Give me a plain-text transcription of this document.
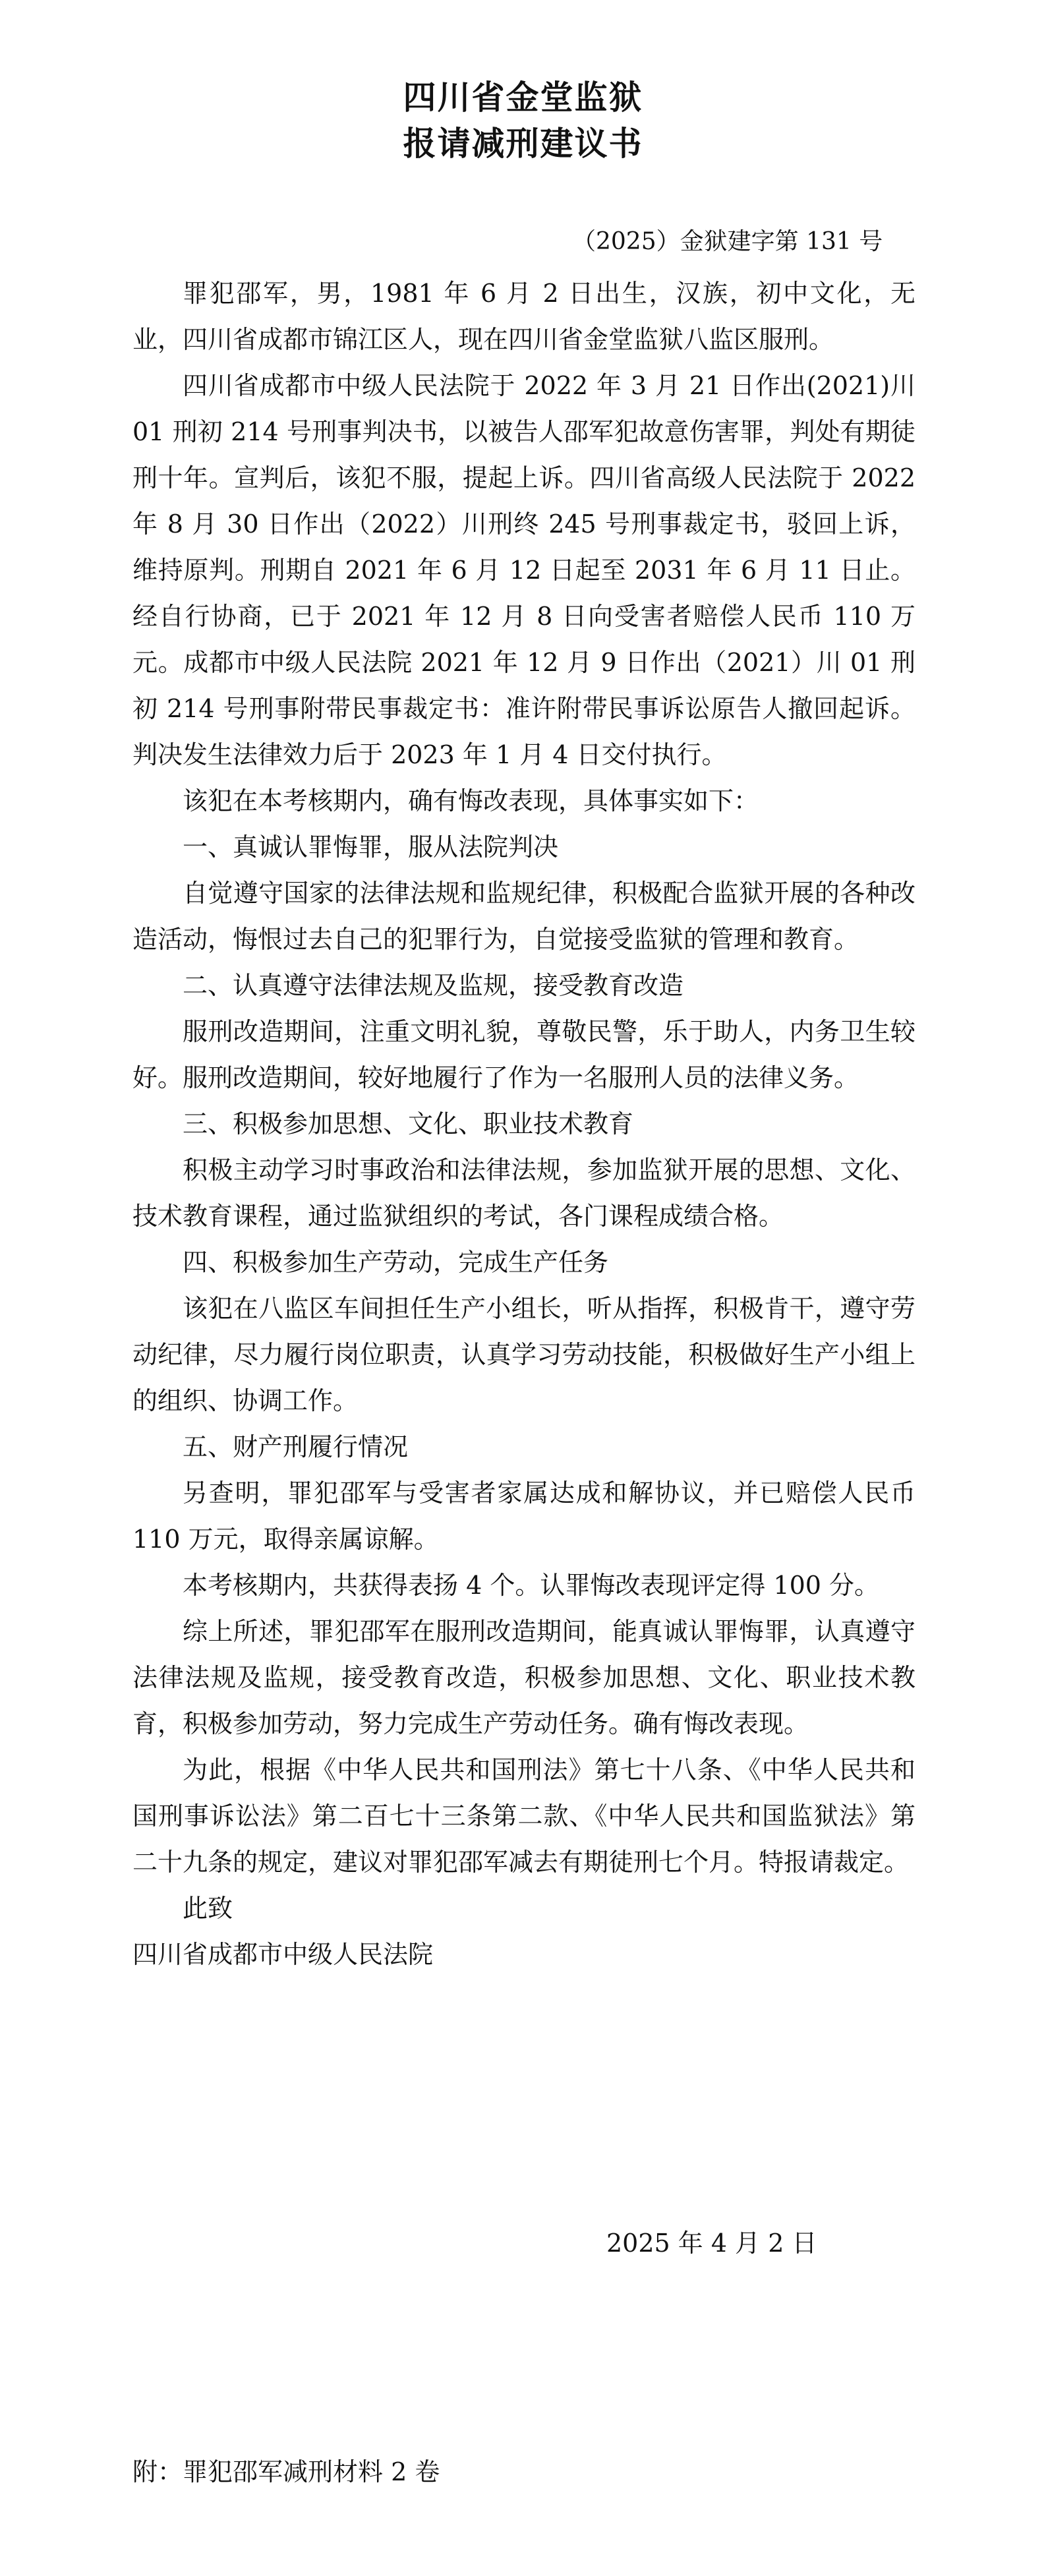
四川省金堂监狱
报请减刑建议书
（2025）金狱建字第 131 号

罪犯邵军，男，1981 年 6 月 2 日出生，汉族，初中文化，无业，四川省成都市锦江区人，现在四川省金堂监狱八监区服刑。

四川省成都市中级人民法院于 2022 年 3 月 21 日作出(2021)川 01 刑初 214 号刑事判决书，以被告人邵军犯故意伤害罪，判处有期徒刑十年。宣判后，该犯不服，提起上诉。四川省高级人民法院于 2022 年 8 月 30 日作出（2022）川刑终 245 号刑事裁定书，驳回上诉，维持原判。刑期自 2021 年 6 月 12 日起至 2031 年 6 月 11 日止。经自行协商，已于 2021 年 12 月 8 日向受害者赔偿人民币 110 万元。成都市中级人民法院 2021 年 12 月 9 日作出（2021）川 01 刑初 214 号刑事附带民事裁定书：准许附带民事诉讼原告人撤回起诉。判决发生法律效力后于 2023 年 1 月 4 日交付执行。

该犯在本考核期内，确有悔改表现，具体事实如下：

一、真诚认罪悔罪，服从法院判决

自觉遵守国家的法律法规和监规纪律，积极配合监狱开展的各种改造活动，悔恨过去自己的犯罪行为，自觉接受监狱的管理和教育。

二、认真遵守法律法规及监规，接受教育改造

服刑改造期间，注重文明礼貌，尊敬民警，乐于助人，内务卫生较好。服刑改造期间，较好地履行了作为一名服刑人员的法律义务。

三、积极参加思想、文化、职业技术教育

积极主动学习时事政治和法律法规，参加监狱开展的思想、文化、技术教育课程，通过监狱组织的考试，各门课程成绩合格。

四、积极参加生产劳动，完成生产任务

该犯在八监区车间担任生产小组长，听从指挥，积极肯干，遵守劳动纪律，尽力履行岗位职责，认真学习劳动技能，积极做好生产小组上的组织、协调工作。

五、财产刑履行情况

另查明，罪犯邵军与受害者家属达成和解协议，并已赔偿人民币 110 万元，取得亲属谅解。

本考核期内，共获得表扬 4 个。认罪悔改表现评定得 100 分。

综上所述，罪犯邵军在服刑改造期间，能真诚认罪悔罪，认真遵守法律法规及监规，接受教育改造，积极参加思想、文化、职业技术教育，积极参加劳动，努力完成生产劳动任务。确有悔改表现。

为此，根据《中华人民共和国刑法》第七十八条、《中华人民共和国刑事诉讼法》第二百七十三条第二款、《中华人民共和国监狱法》第二十九条的规定，建议对罪犯邵军减去有期徒刑七个月。特报请裁定。

此致

四川省成都市中级人民法院

2025 年 4 月 2 日
附：罪犯邵军减刑材料 2 卷
